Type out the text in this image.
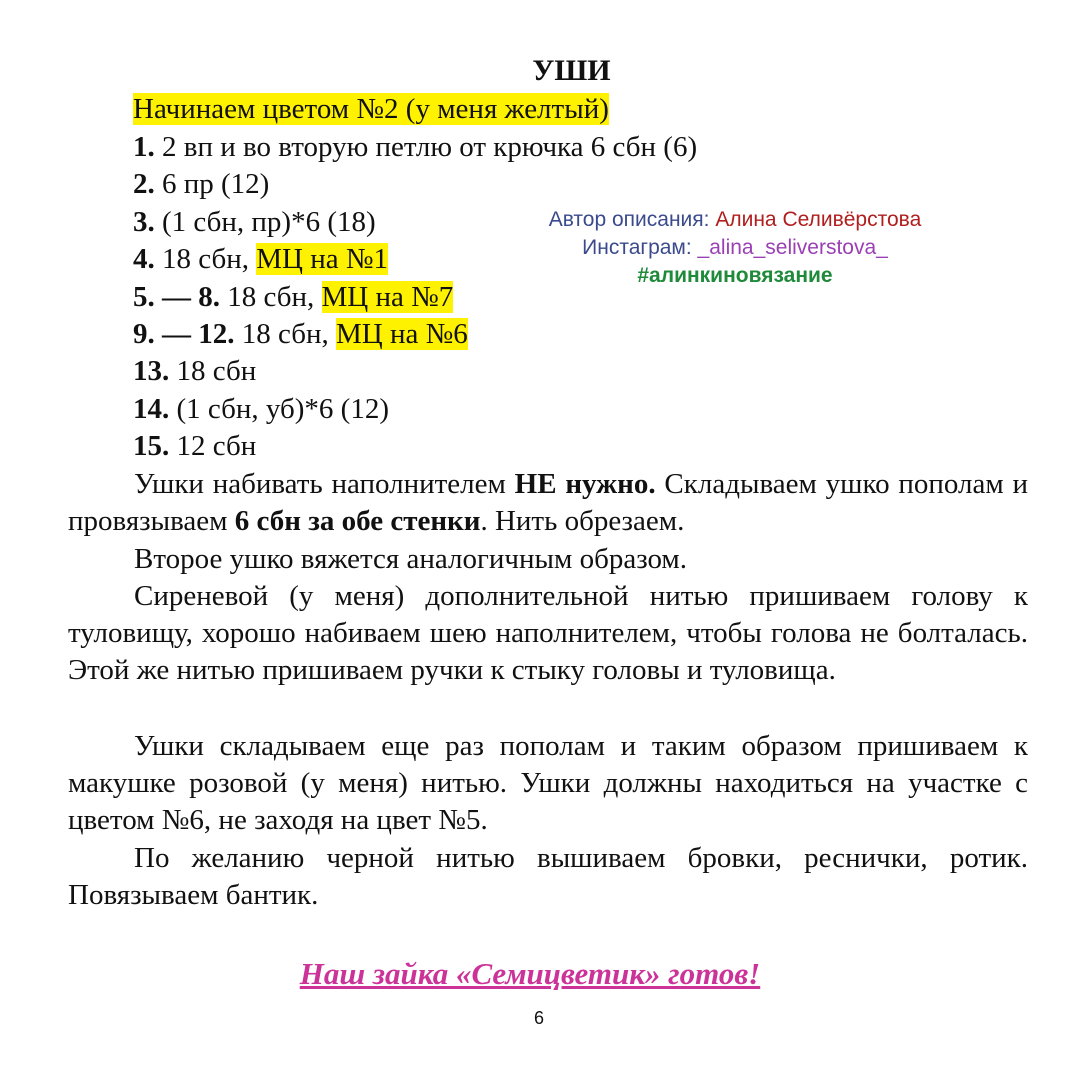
УШИ
Начинаем цветом №2 (у меня желтый)
1. 2 вп и во вторую петлю от крючка 6 сбн (6)
2. 6 пр (12)
3. (1 сбн, пр)*6 (18)
4. 18 сбн, МЦ на №1
5. — 8. 18 сбн, МЦ на №7
9. — 12. 18 сбн, МЦ на №6
13. 18 сбн
14. (1 сбн, уб)*6 (12)
15. 12 сбн
Автор описания: Алина Селивёрстова
Инстаграм: _alina_seliverstova_
#алинкиновязание
Ушки набивать наполнителем НЕ нужно. Складываем ушко пополам и провязываем 6 сбн за обе стенки. Нить обрезаем.
Второе ушко вяжется аналогичным образом.
Сиреневой (у меня) дополнительной нитью пришиваем голову к туловищу, хорошо набиваем шею наполнителем, чтобы голова не болталась. Этой же нитью пришиваем ручки к стыку головы и туловища.
Ушки складываем еще раз пополам и таким образом пришиваем к макушке розовой (у меня) нитью. Ушки должны находиться на участке с цветом №6, не заходя на цвет №5.
По желанию черной нитью вышиваем бровки, реснички, ротик. Повязываем бантик.
Наш зайка «Семицветик» готов!
6
